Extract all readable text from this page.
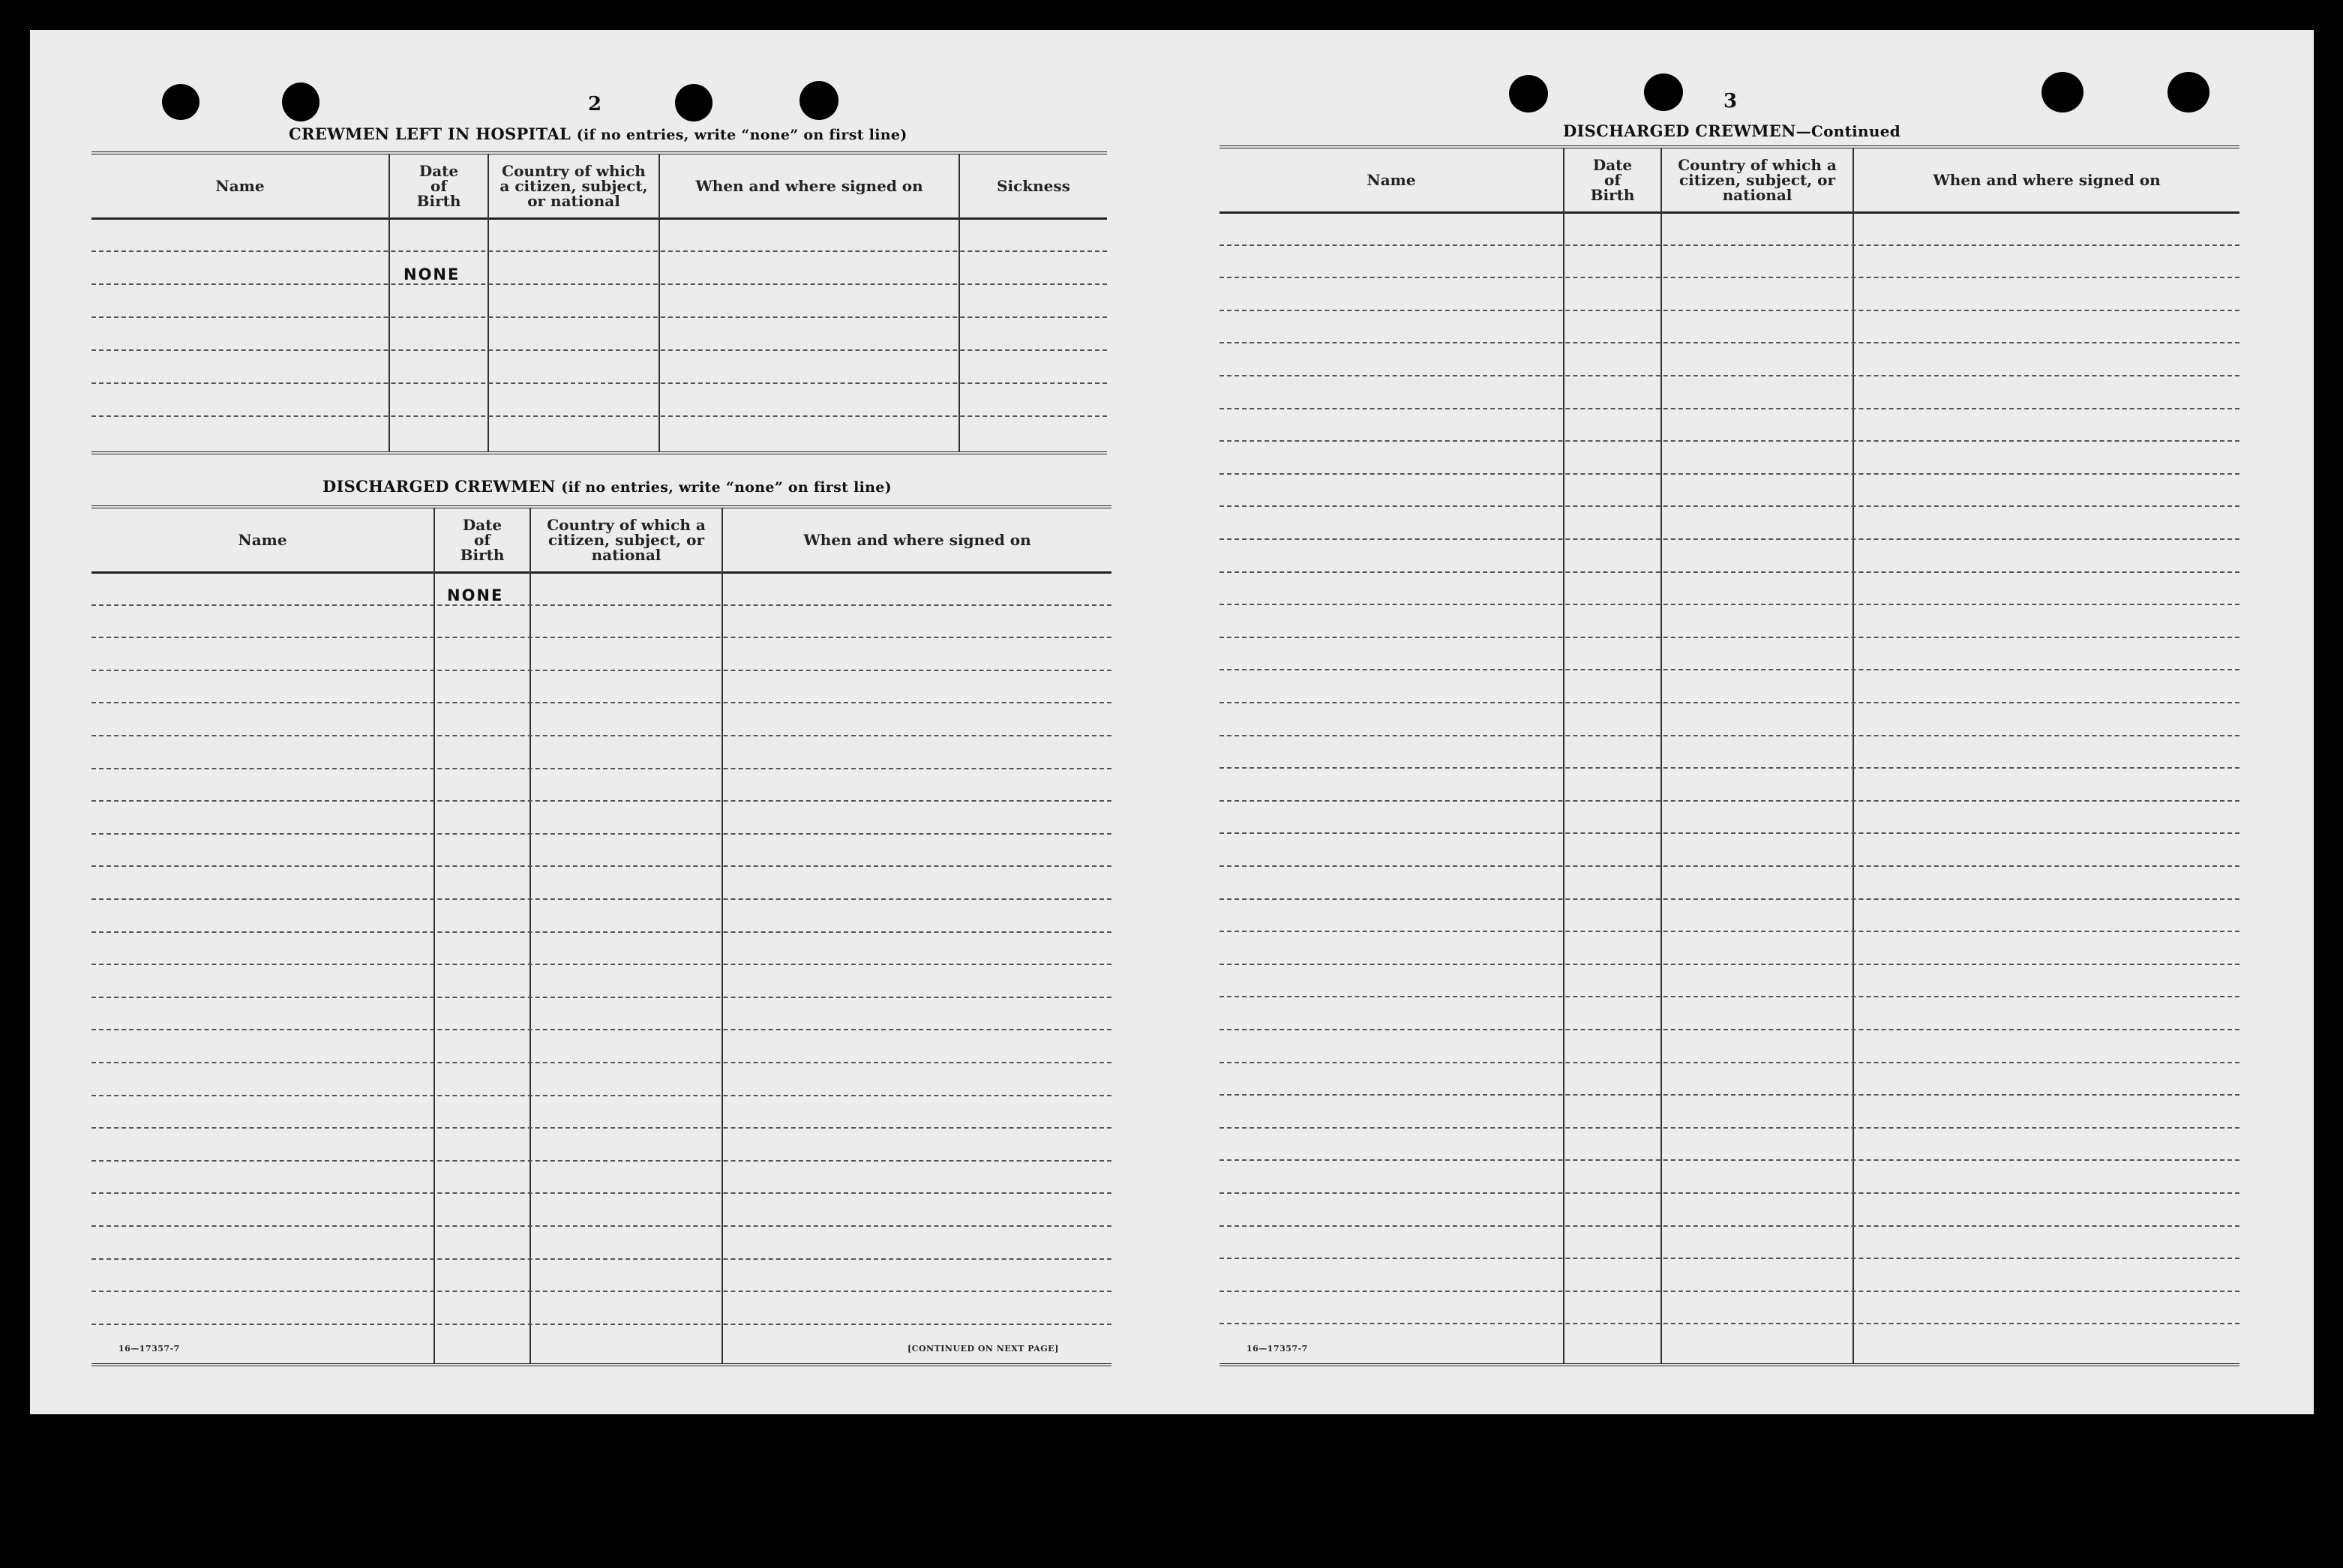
2
CREWMEN LEFT IN HOSPITAL (if no entries, write “none” on first line)
Name
Date
of
Birth
Country of which a citizen, subject, or national
When and where signed on	Sickness
NONE
DISCHARGED CREWMEN (if no entries, write “none” on first line)
Name
Date
of
Birth
Country of which a citizen, subject, or national
When and where signed on
NONE
16—17357-7	[CONTINUED ON NEXT PAGE]
3
DISCHARGED CREWMEN—Continued
Name
Date
of
Birth
Country of which a citizen, subject, or national
When and where signed on
16—17357-7
